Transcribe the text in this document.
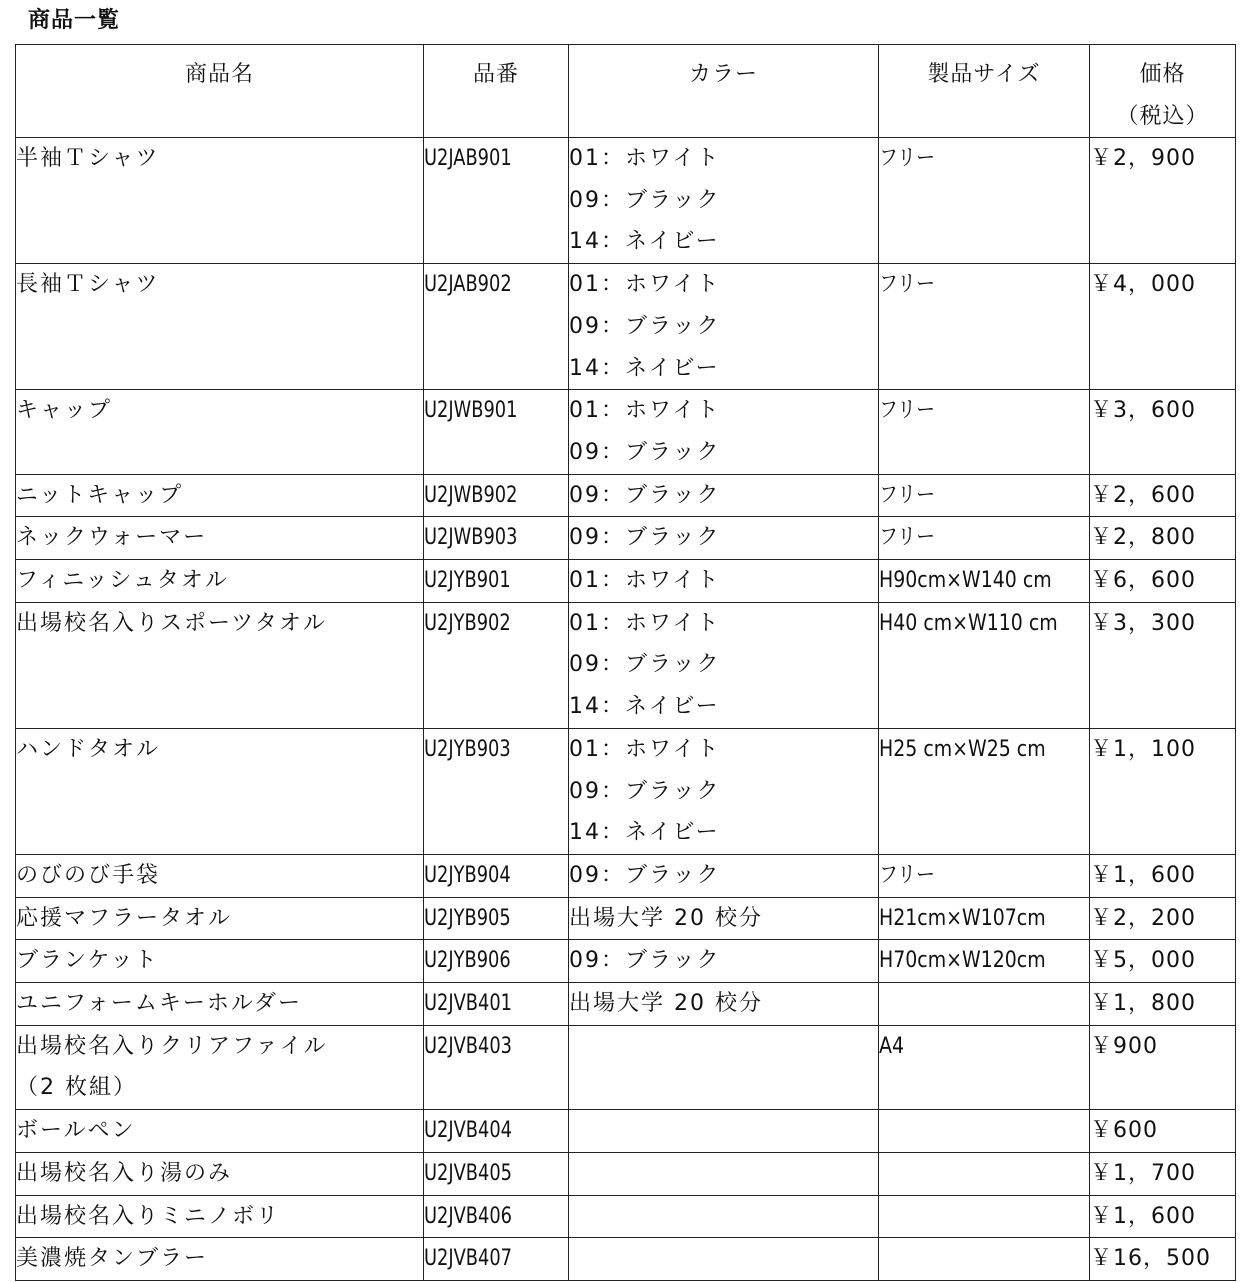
商品一覧
商品名	品番	カラー	製品サイズ	価格
（税込）

半袖Ｔシャツ	U2JAB901	01：ホワイト
09：ブラック
14：ネイビー	フリー	￥2，900

長袖Ｔシャツ	U2JAB902	01：ホワイト
09：ブラック
14：ネイビー	フリー	￥4，000

キャップ	U2JWB901	01：ホワイト
09：ブラック	フリー	￥3，600

ニットキャップ	U2JWB902	09：ブラック	フリー	￥2，600

ネックウォーマー	U2JWB903	09：ブラック	フリー	￥2，800

フィニッシュタオル	U2JYB901	01：ホワイト	H90cm×W140 cm	￥6，600

出場校名入りスポーツタオル	U2JYB902	01：ホワイト
09：ブラック
14：ネイビー	H40 cm×W110 cm	￥3，300

ハンドタオル	U2JYB903	01：ホワイト
09：ブラック
14：ネイビー	H25 cm×W25 cm	￥1，100

のびのび手袋	U2JYB904	09：ブラック	フリー	￥1，600

応援マフラータオル	U2JYB905	出場大学 20 校分	H21cm×W107cm	￥2，200

ブランケット	U2JYB906	09：ブラック	H70cm×W120cm	￥5，000

ユニフォームキーホルダー	U2JVB401	出場大学 20 校分		￥1，800

出場校名入りクリアファイル
（2 枚組）	U2JVB403		A4	￥900

ボールペン	U2JVB404			￥600

出場校名入り湯のみ	U2JVB405			￥1，700

出場校名入りミニノボリ	U2JVB406			￥1，600

美濃焼タンブラー	U2JVB407			￥16，500
